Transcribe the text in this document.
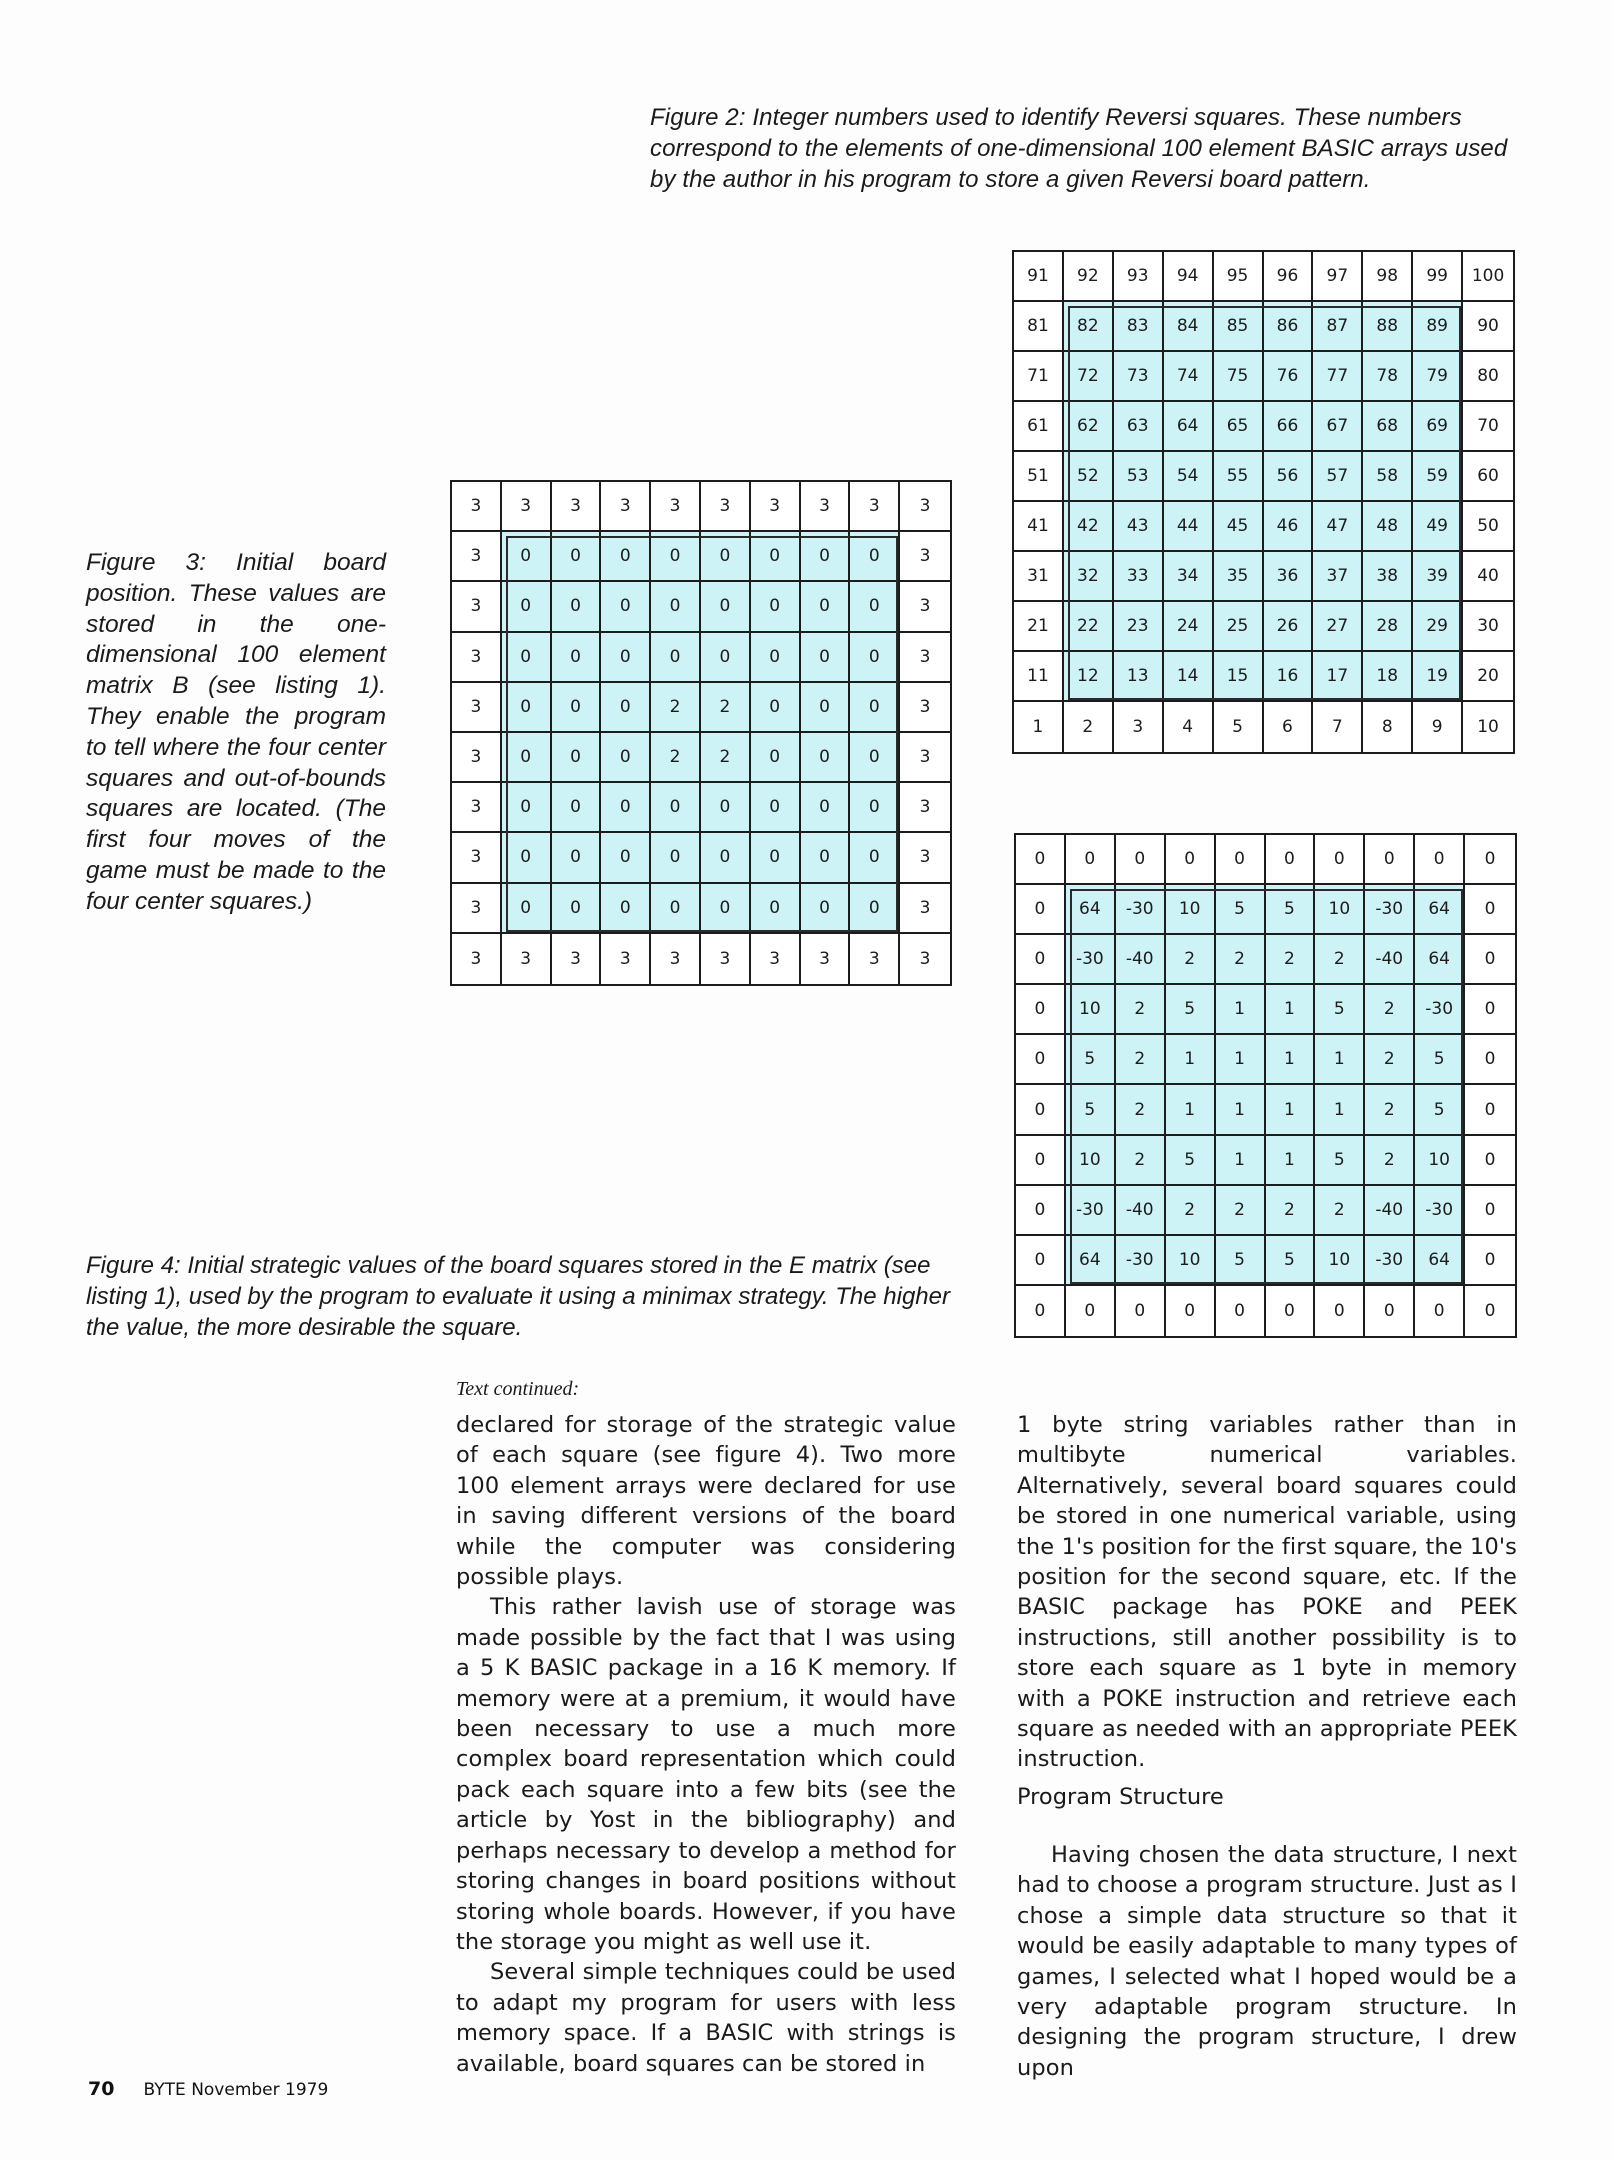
Figure 2: Integer numbers used to identify Reversi squares. These numbers correspond to the elements of one-dimensional 100 element BASIC arrays used by the author in his program to store a given Reversi board pattern.
91	92	93	94	95	96	97	98	99	100
81	82	83	84	85	86	87	88	89	90
71	72	73	74	75	76	77	78	79	80
61	62	63	64	65	66	67	68	69	70
51	52	53	54	55	56	57	58	59	60
41	42	43	44	45	46	47	48	49	50
31	32	33	34	35	36	37	38	39	40
21	22	23	24	25	26	27	28	29	30
11	12	13	14	15	16	17	18	19	20
1	2	3	4	5	6	7	8	9	10
Figure 3: Initial board position. These values are stored in the one-dimensional 100 element matrix B (see listing 1). They enable the program to tell where the four center squares and out-of-bounds squares are located. (The first four moves of the game must be made to the four center squares.)
3	3	3	3	3	3	3	3	3	3
3	0	0	0	0	0	0	0	0	3
3	0	0	0	0	0	0	0	0	3
3	0	0	0	0	0	0	0	0	3
3	0	0	0	2	2	0	0	0	3
3	0	0	0	2	2	0	0	0	3
3	0	0	0	0	0	0	0	0	3
3	0	0	0	0	0	0	0	0	3
3	0	0	0	0	0	0	0	0	3
3	3	3	3	3	3	3	3	3	3
0	0	0	0	0	0	0	0	0	0
0	64	-30	10	5	5	10	-30	64	0
0	-30	-40	2	2	2	2	-40	64	0
0	10	2	5	1	1	5	2	-30	0
0	5	2	1	1	1	1	2	5	0
0	5	2	1	1	1	1	2	5	0
0	10	2	5	1	1	5	2	10	0
0	-30	-40	2	2	2	2	-40	-30	0
0	64	-30	10	5	5	10	-30	64	0
0	0	0	0	0	0	0	0	0	0
Figure 4: Initial strategic values of the board squares stored in the E matrix (see listing 1), used by the program to evaluate it using a minimax strategy. The higher the value, the more desirable the square.
Text continued:

declared for storage of the strategic value of each square (see figure 4). Two more 100 element arrays were declared for use in saving different versions of the board while the computer was considering possible plays.

This rather lavish use of storage was made possible by the fact that I was using a 5 K BASIC package in a 16 K memory. If memory were at a premium, it would have been necessary to use a much more complex board representation which could pack each square into a few bits (see the article by Yost in the bibliography) and perhaps necessary to develop a method for storing changes in board positions without storing whole boards. However, if you have the storage you might as well use it.

Several simple techniques could be used to adapt my program for users with less memory space. If a BASIC with strings is available, board squares can be stored in

1 byte string variables rather than in multibyte numerical variables. Alternatively, several board squares could be stored in one numerical variable, using the 1's position for the first square, the 10's position for the second square, etc. If the BASIC package has POKE and PEEK instructions, still another possibility is to store each square as 1 byte in memory with a POKE instruction and retrieve each square as needed with an appropriate PEEK instruction.

Program Structure

Having chosen the data structure, I next had to choose a program structure. Just as I chose a simple data structure so that it would be easily adaptable to many types of games, I selected what I hoped would be a very adaptable program structure. In designing the program structure, I drew upon

70 BYTE November 1979
